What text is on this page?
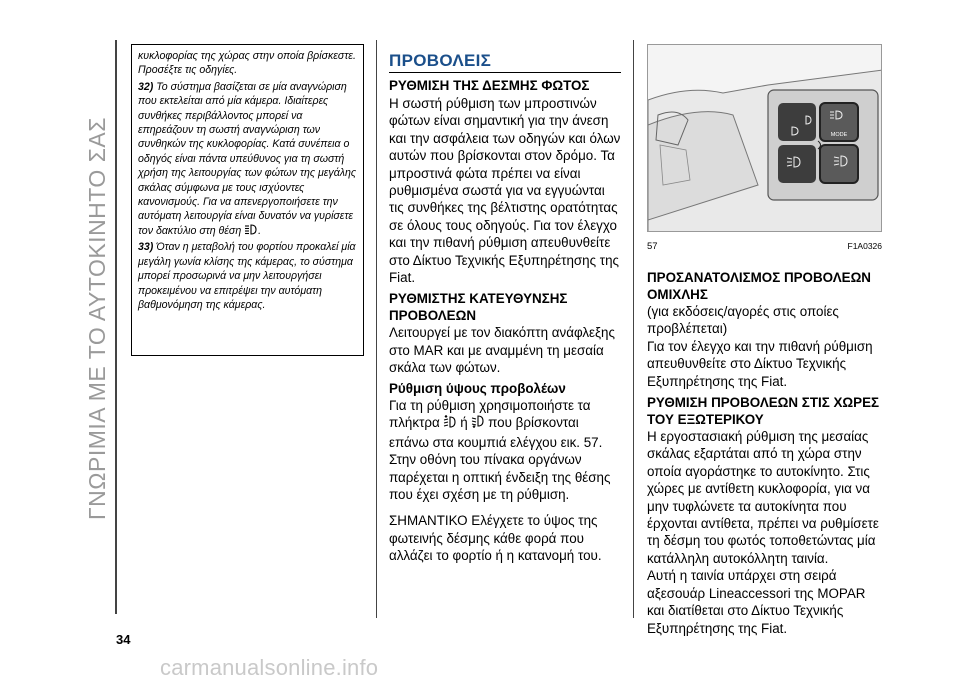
ΓΝΩΡΙΜΙΑ ΜΕ ΤΟ ΑΥΤΟΚΙΝΗΤΟ ΣΑΣ

κυκλοφορίας της χώρας στην οποία βρίσκεστε. Προσέξτε τις οδηγίες.

32) Το σύστημα βασίζεται σε μία αναγνώριση που εκτελείται από μία κάμερα. Ιδιαίτερες συνθήκες περιβάλλοντος μπορεί να επηρεάζουν τη σωστή αναγνώριση των συνθηκών της κυκλοφορίας. Κατά συνέπεια ο οδηγός είναι πάντα υπεύθυνος για τη σωστή χρήση της λειτουργίας των φώτων της μεγάλης σκάλας σύμφωνα με τους ισχύοντες κανονισμούς. Για να απενεργοποιήσετε την αυτόματη λειτουργία είναι δυνατόν να γυρίσετε τον δακτύλιο στη θέση .

33) Όταν η μεταβολή του φορτίου προκαλεί μία μεγάλη γωνία κλίσης της κάμερας, το σύστημα μπορεί προσωρινά να μην λειτουργήσει προκειμένου να επιτρέψει την αυτόματη βαθμονόμηση της κάμερας.

ΠΡΟΒΟΛΕΙΣ
ΡΥΘΜΙΣΗ ΤΗΣ ΔΕΣΜΗΣ ΦΩΤΟΣ
Η σωστή ρύθμιση των μπροστινών φώτων είναι σημαντική για την άνεση και την ασφάλεια των οδηγών και όλων αυτών που βρίσκονται στον δρόμο. Τα μπροστινά φώτα πρέπει να είναι ρυθμισμένα σωστά για να εγγυώνται τις συνθήκες της βέλτιστης ορατότητας σε όλους τους οδηγούς. Για τον έλεγχο και την πιθανή ρύθμιση απευθυνθείτε στο Δίκτυο Τεχνικής Εξυπηρέτησης της Fiat.
ΡΥΘΜΙΣΤΗΣ ΚΑΤΕΥΘΥΝΣΗΣ ΠΡΟΒΟΛΕΩΝ
Λειτουργεί με τον διακόπτη ανάφλεξης στο MAR και με αναμμένη τη μεσαία σκάλα των φώτων.
Ρύθμιση ύψους προβολέων
Για τη ρύθμιση χρησιμοποιήστε τα πλήκτρα ή που βρίσκονται επάνω στα κουμπιά ελέγχου εικ. 57.
Στην οθόνη του πίνακα οργάνων παρέχεται η οπτική ένδειξη της θέσης που έχει σχέση με τη ρύθμιση.
ΣΗΜΑΝΤΙΚΟ Ελέγχετε το ύψος της φωτεινής δέσμης κάθε φορά που αλλάζει το φορτίο ή η κατανομή του.
MODE
57	F1A0326
ΠΡΟΣΑΝΑΤΟΛΙΣΜΟΣ ΠΡΟΒΟΛΕΩΝ ΟΜΙΧΛΗΣ
(για εκδόσεις/αγορές στις οποίες προβλέπεται)
Για τον έλεγχο και την πιθανή ρύθμιση απευθυνθείτε στο Δίκτυο Τεχνικής Εξυπηρέτησης της Fiat.
ΡΥΘΜΙΣΗ ΠΡΟΒΟΛΕΩΝ ΣΤΙΣ ΧΩΡΕΣ ΤΟΥ ΕΞΩΤΕΡΙΚΟΥ
Η εργοστασιακή ρύθμιση της μεσαίας σκάλας εξαρτάται από τη χώρα στην οποία αγοράστηκε το αυτοκίνητο. Στις χώρες με αντίθετη κυκλοφορία, για να μην τυφλώνετε τα αυτοκίνητα που έρχονται αντίθετα, πρέπει να ρυθμίσετε τη δέσμη του φωτός τοποθετώντας μία κατάλληλη αυτοκόλλητη ταινία.
Αυτή η ταινία υπάρχει στη σειρά αξεσουάρ Lineaccessori της MOPAR και διατίθεται στο Δίκτυο Τεχνικής Εξυπηρέτησης της Fiat.
34
carmanualsonline.info
